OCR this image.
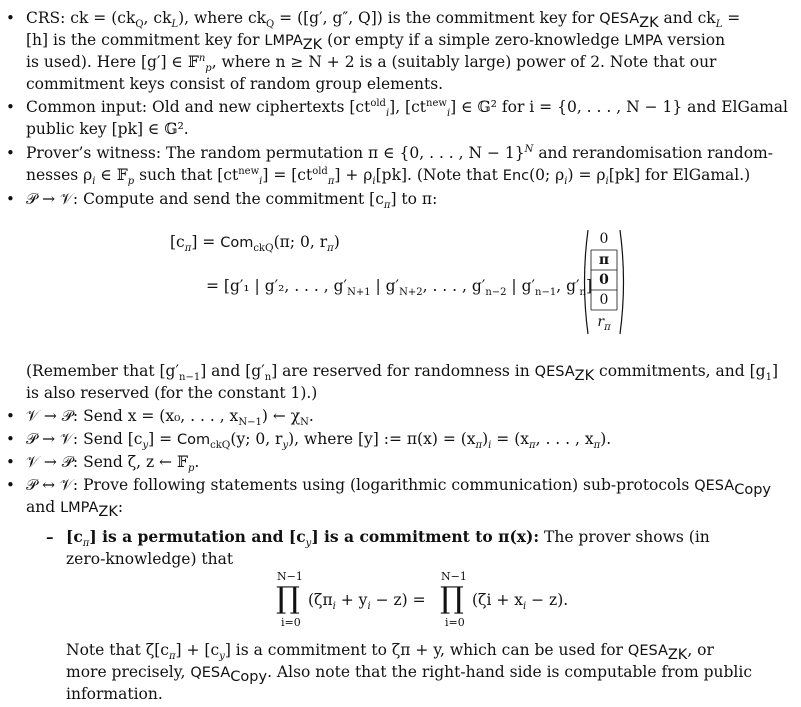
• CRS: ck = ($ck_Q$, $ck_L$), where $ck_Q = ([g'$, g″, Q]) is the commitment key for $QESA_{ZK}$ and $ck_L$ =
[h] is the commitment key for $LMPA_{ZK}$ (or empty if a simple zero-knowledge LMPA version
is used). Here [g′] ∈ 𝔽$^n_p$, where n ≥ N + 2 is a (suitably large) power of 2. Note that our
commitment keys consist of random group elements.
• Common input: Old and new ciphertexts $[ct^{old}_i]$, $[ct^{new}_i]$ ∈ 𝔾² for i = {0, . . . , N − 1} and ElGamal
public key [pk] ∈ 𝔾².
• Prover’s witness: The random permutation π ∈ {0, . . . , N − 1}$^N$ and rerandomisation random-
nesses $\rho_i$ ∈ 𝔽$_p$ such that $[ct^{new}_i] = [ct^{old}_\pi] + \rho_i[pk]$. (Note that Enc(0; $\rho_i) = \rho_i[pk]$ for ElGamal.)
• 𝒫 → 𝒱: Compute and send the commitment $[c_\pi]$ to π:
$[c_\pi] = Com_{ckQ}(\pi$; 0, $r_\pi$)
= [g′₁ | g′₂, . . . , $g'_{N+1}$ | $g'_{N+2}$, . . . , $g'_{n-2}$ | $g'_{n-1}$, $g'_n$]
0
π
0
0
$r_\pi$
(Remember that $[g'_{n-1}]$ and $[g'_n]$ are reserved for randomness in $QESA_{ZK}$ commitments, and $[g_1]$
is also reserved (for the constant 1).)
• 𝒱 → 𝒫: Send x = (x₀, . . . , $x_{N-1}$) ← $\chi_N$.
• 𝒫 → 𝒱: Send $[c_y] = Com_{ckQ}(y$; 0, $r_y$), where [y] := $\pi(x) = (x_\pi)_i = (x_\pi$, . . . , $x_\pi$).
• 𝒱 → 𝒫: Send ζ, z ← 𝔽$_p$.
• 𝒫 ↔ 𝒱: Prove following statements using (logarithmic communication) sub-protocols $QESA_{Copy}$
and $LMPA_{ZK}$:
– $[c_\pi]$ is a permutation and $[c_y]$ is a commitment to π(x): The prover shows (in
zero-knowledge) that
N−1
∏
i=0
$(\zeta\pi_i + y_i - z)$ =
N−1
∏
i=0
$(\zeta i + x_i - z)$.
Note that $\zeta[c_\pi] + [c_y]$ is a commitment to ζπ + y, which can be used for $QESA_{ZK}$, or
more precisely, $QESA_{Copy}$. Also note that the right-hand side is computable from public
information.
